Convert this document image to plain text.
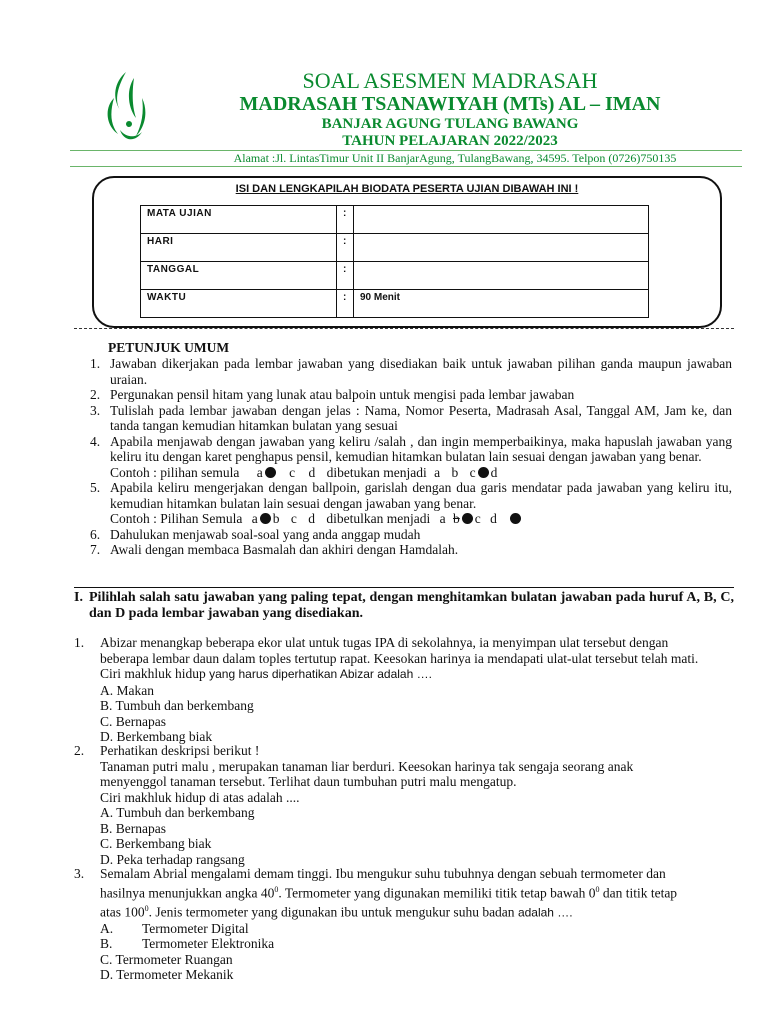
SOAL ASESMEN MADRASAH
MADRASAH TSANAWIYAH (MTs) AL – IMAN
BANJAR AGUNG TULANG BAWANG
TAHUN PELAJARAN 2022/2023
Alamat :Jl. LintasTimur Unit II BanjarAgung, TulangBawang, 34595. Telpon (0726)750135
ISI DAN LENGKAPILAH BIODATA PESERTA UJIAN DIBAWAH INI !
MATA UJIAN	:	
HARI	:	
TANGGAL	:	
WAKTU	:	90 Menit
PETUNJUK UMUM
1. Jawaban dikerjakan pada lembar jawaban yang disediakan baik untuk jawaban pilihan ganda maupun jawaban uraian.
2. Pergunakan pensil hitam yang lunak atau balpoin untuk mengisi pada lembar jawaban
3. Tulislah pada lembar jawaban dengan jelas : Nama, Nomor Peserta, Madrasah Asal, Tanggal AM, Jam ke, dan tanda tangan kemudian hitamkan bulatan yang sesuai
4. Apabila menjawab dengan jawaban yang keliru /salah , dan ingin memperbaikinya, maka hapuslah jawaban yang keliru itu dengan karet penghapus pensil, kemudian hitamkan bulatan lain sesuai dengan jawaban yang benar.
Contoh : pilihan semula a c d dibetukan menjadi a b c d
5. Apabila keliru mengerjakan dengan ballpoin, garislah dengan dua garis mendatar pada jawaban yang keliru itu, kemudian hitamkan bulatan lain sesuai dengan jawaban yang benar.
Contoh : Pilihan Semula a b c d dibetulkan menjadi a b c d
6. Dahulukan menjawab soal-soal yang anda anggap mudah
7. Awali dengan membaca Basmalah dan akhiri dengan Hamdalah.
I. Pilihlah salah satu jawaban yang paling tepat, dengan menghitamkan bulatan jawaban pada huruf A, B, C, dan D pada lembar jawaban yang disediakan.
1.	Abizar menangkap beberapa ekor ulat untuk tugas IPA di sekolahnya, ia menyimpan ulat tersebut dengan
beberapa lembar daun dalam toples tertutup rapat. Keesokan harinya ia mendapati ulat-ulat tersebut telah mati.
Ciri makhluk hidup yang harus diperhatikan Abizar adalah ….
A. Makan
B. Tumbuh dan berkembang
C. Bernapas
D. Berkembang biak
2.	Perhatikan deskripsi berikut !
Tanaman putri malu , merupakan tanaman liar berduri. Keesokan harinya tak sengaja seorang anak
menyenggol tanaman tersebut. Terlihat daun tumbuhan putri malu mengatup.
Ciri makhluk hidup di atas adalah ....
A. Tumbuh dan berkembang
B. Bernapas
C. Berkembang biak
D. Peka terhadap rangsang
3.	Semalam Abrial mengalami demam tinggi. Ibu mengukur suhu tubuhnya dengan sebuah termometer dan
hasilnya menunjukkan angka $40^0$. Termometer yang digunakan memiliki titik tetap bawah $0^0$ dan titik tetap
atas $100^0$. Jenis termometer yang digunakan ibu untuk mengukur suhu badan adalah ….
A. Termometer Digital
B. Termometer Elektronika
C. Termometer Ruangan
D. Termometer Mekanik
